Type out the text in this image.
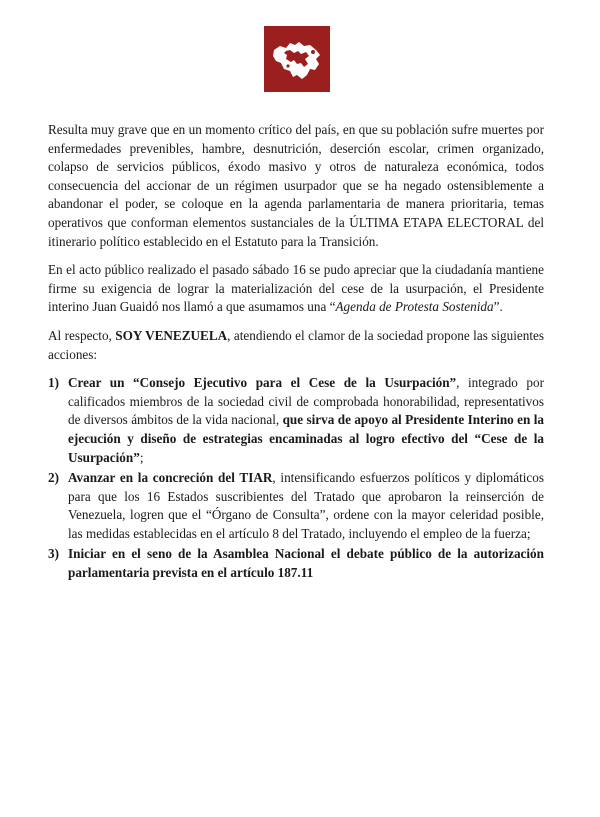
Resulta muy grave que en un momento crítico del país, en que su población sufre muertes por enfermedades prevenibles, hambre, desnutrición, deserción escolar, crimen organizado, colapso de servicios públicos, éxodo masivo y otros de naturaleza económica, todos consecuencia del accionar de un régimen usurpador que se ha negado ostensiblemente a abandonar el poder, se coloque en la agenda parlamentaria de manera prioritaria, temas operativos que conforman elementos sustanciales de la ÚLTIMA ETAPA ELECTORAL del itinerario político establecido en el Estatuto para la Transición.

En el acto público realizado el pasado sábado 16 se pudo apreciar que la ciudadanía mantiene firme su exigencia de lograr la materialización del cese de la usurpación, el Presidente interino Juan Guaidó nos llamó a que asumamos una “Agenda de Protesta Sostenida”.

Al respecto, SOY VENEZUELA, atendiendo el clamor de la sociedad propone las siguientes acciones:

1) Crear un “Consejo Ejecutivo para el Cese de la Usurpación”, integrado por calificados miembros de la sociedad civil de comprobada honorabilidad, representativos de diversos ámbitos de la vida nacional, que sirva de apoyo al Presidente Interino en la ejecución y diseño de estrategias encaminadas al logro efectivo del “Cese de la Usurpación”;
2) Avanzar en la concreción del TIAR, intensificando esfuerzos políticos y diplomáticos para que los 16 Estados suscribientes del Tratado que aprobaron la reinserción de Venezuela, logren que el “Órgano de Consulta”, ordene con la mayor celeridad posible, las medidas establecidas en el artículo 8 del Tratado, incluyendo el empleo de la fuerza;
3) Iniciar en el seno de la Asamblea Nacional el debate público de la autorización parlamentaria prevista en el artículo 187.11
